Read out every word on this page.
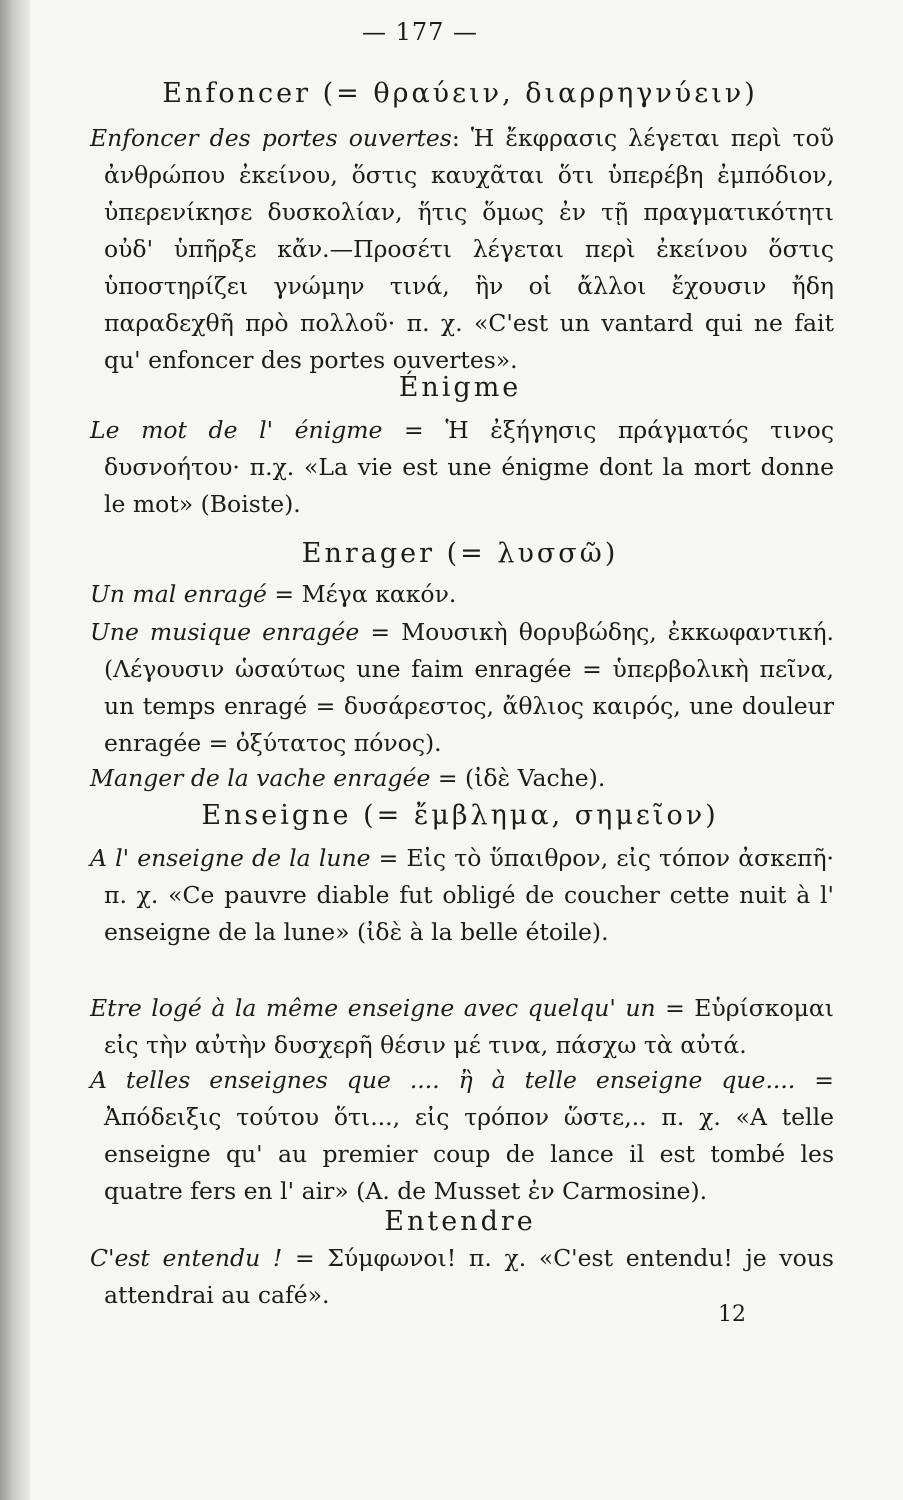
— 177 —
Enfoncer (= θραύειν, διαρρηγνύειν)

Enfoncer des portes ouvertes: Ἡ ἔκφρασις λέγεται περὶ τοῦ ἀνθρώπου ἐκείνου, ὅστις καυχᾶται ὅτι ὑπερέβη ἐμπόδιον, ὑπερενίκησε δυσκολίαν, ἥτις ὅμως ἐν τῇ πραγματικότητι οὐδ' ὑπῆρξε κἄν.—Προσέτι λέγεται περὶ ἐκείνου ὅστις ὑποστηρίζει γνώμην τινά, ἣν οἱ ἄλλοι ἔχουσιν ἤδη παραδεχθῆ πρὸ πολλοῦ· π. χ. «C'est un vantard qui ne fait qu' enfoncer des portes ouvertes».

Énigme

Le mot de l' énigme = Ἡ ἐξήγησις πράγματός τινος δυσνοήτου· π.χ. «La vie est une énigme dont la mort donne le mot» (Boiste).

Enrager (= λυσσῶ)

Un mal enragé = Μέγα κακόν.

Une musique enragée = Μουσικὴ θορυβώδης, ἐκκωφαντική. (Λέγουσιν ὡσαύτως une faim enragée = ὑπερβολικὴ πεῖνα, un temps enragé = δυσάρεστος, ἄθλιος καιρός, une douleur enragée = ὀξύτατος πόνος).

Manger de la vache enragée = (ἰδὲ Vache).

Enseigne (= ἔμβλημα, σημεῖον)

A l' enseigne de la lune = Εἰς τὸ ὕπαιθρον, εἰς τόπον ἀσκεπῆ· π. χ. «Ce pauvre diable fut obligé de coucher cette nuit à l' enseigne de la lune» (ἰδὲ à la belle étoile).

Etre logé à la même enseigne avec quelqu' un = Εὑρίσκομαι εἰς τὴν αὐτὴν δυσχερῆ θέσιν μέ τινα, πάσχω τὰ αὐτά.

A telles enseignes que .... ἢ à telle enseigne que.... = Ἀπόδειξις τούτου ὅτι..., εἰς τρόπον ὥστε,.. π. χ. «A telle enseigne qu' au premier coup de lance il est tombé les quatre fers en l' air» (A. de Musset ἐν Carmosine).

Entendre

C'est entendu ! = Σύμφωνοι! π. χ. «C'est entendu! je vous attendrai au café».

12
